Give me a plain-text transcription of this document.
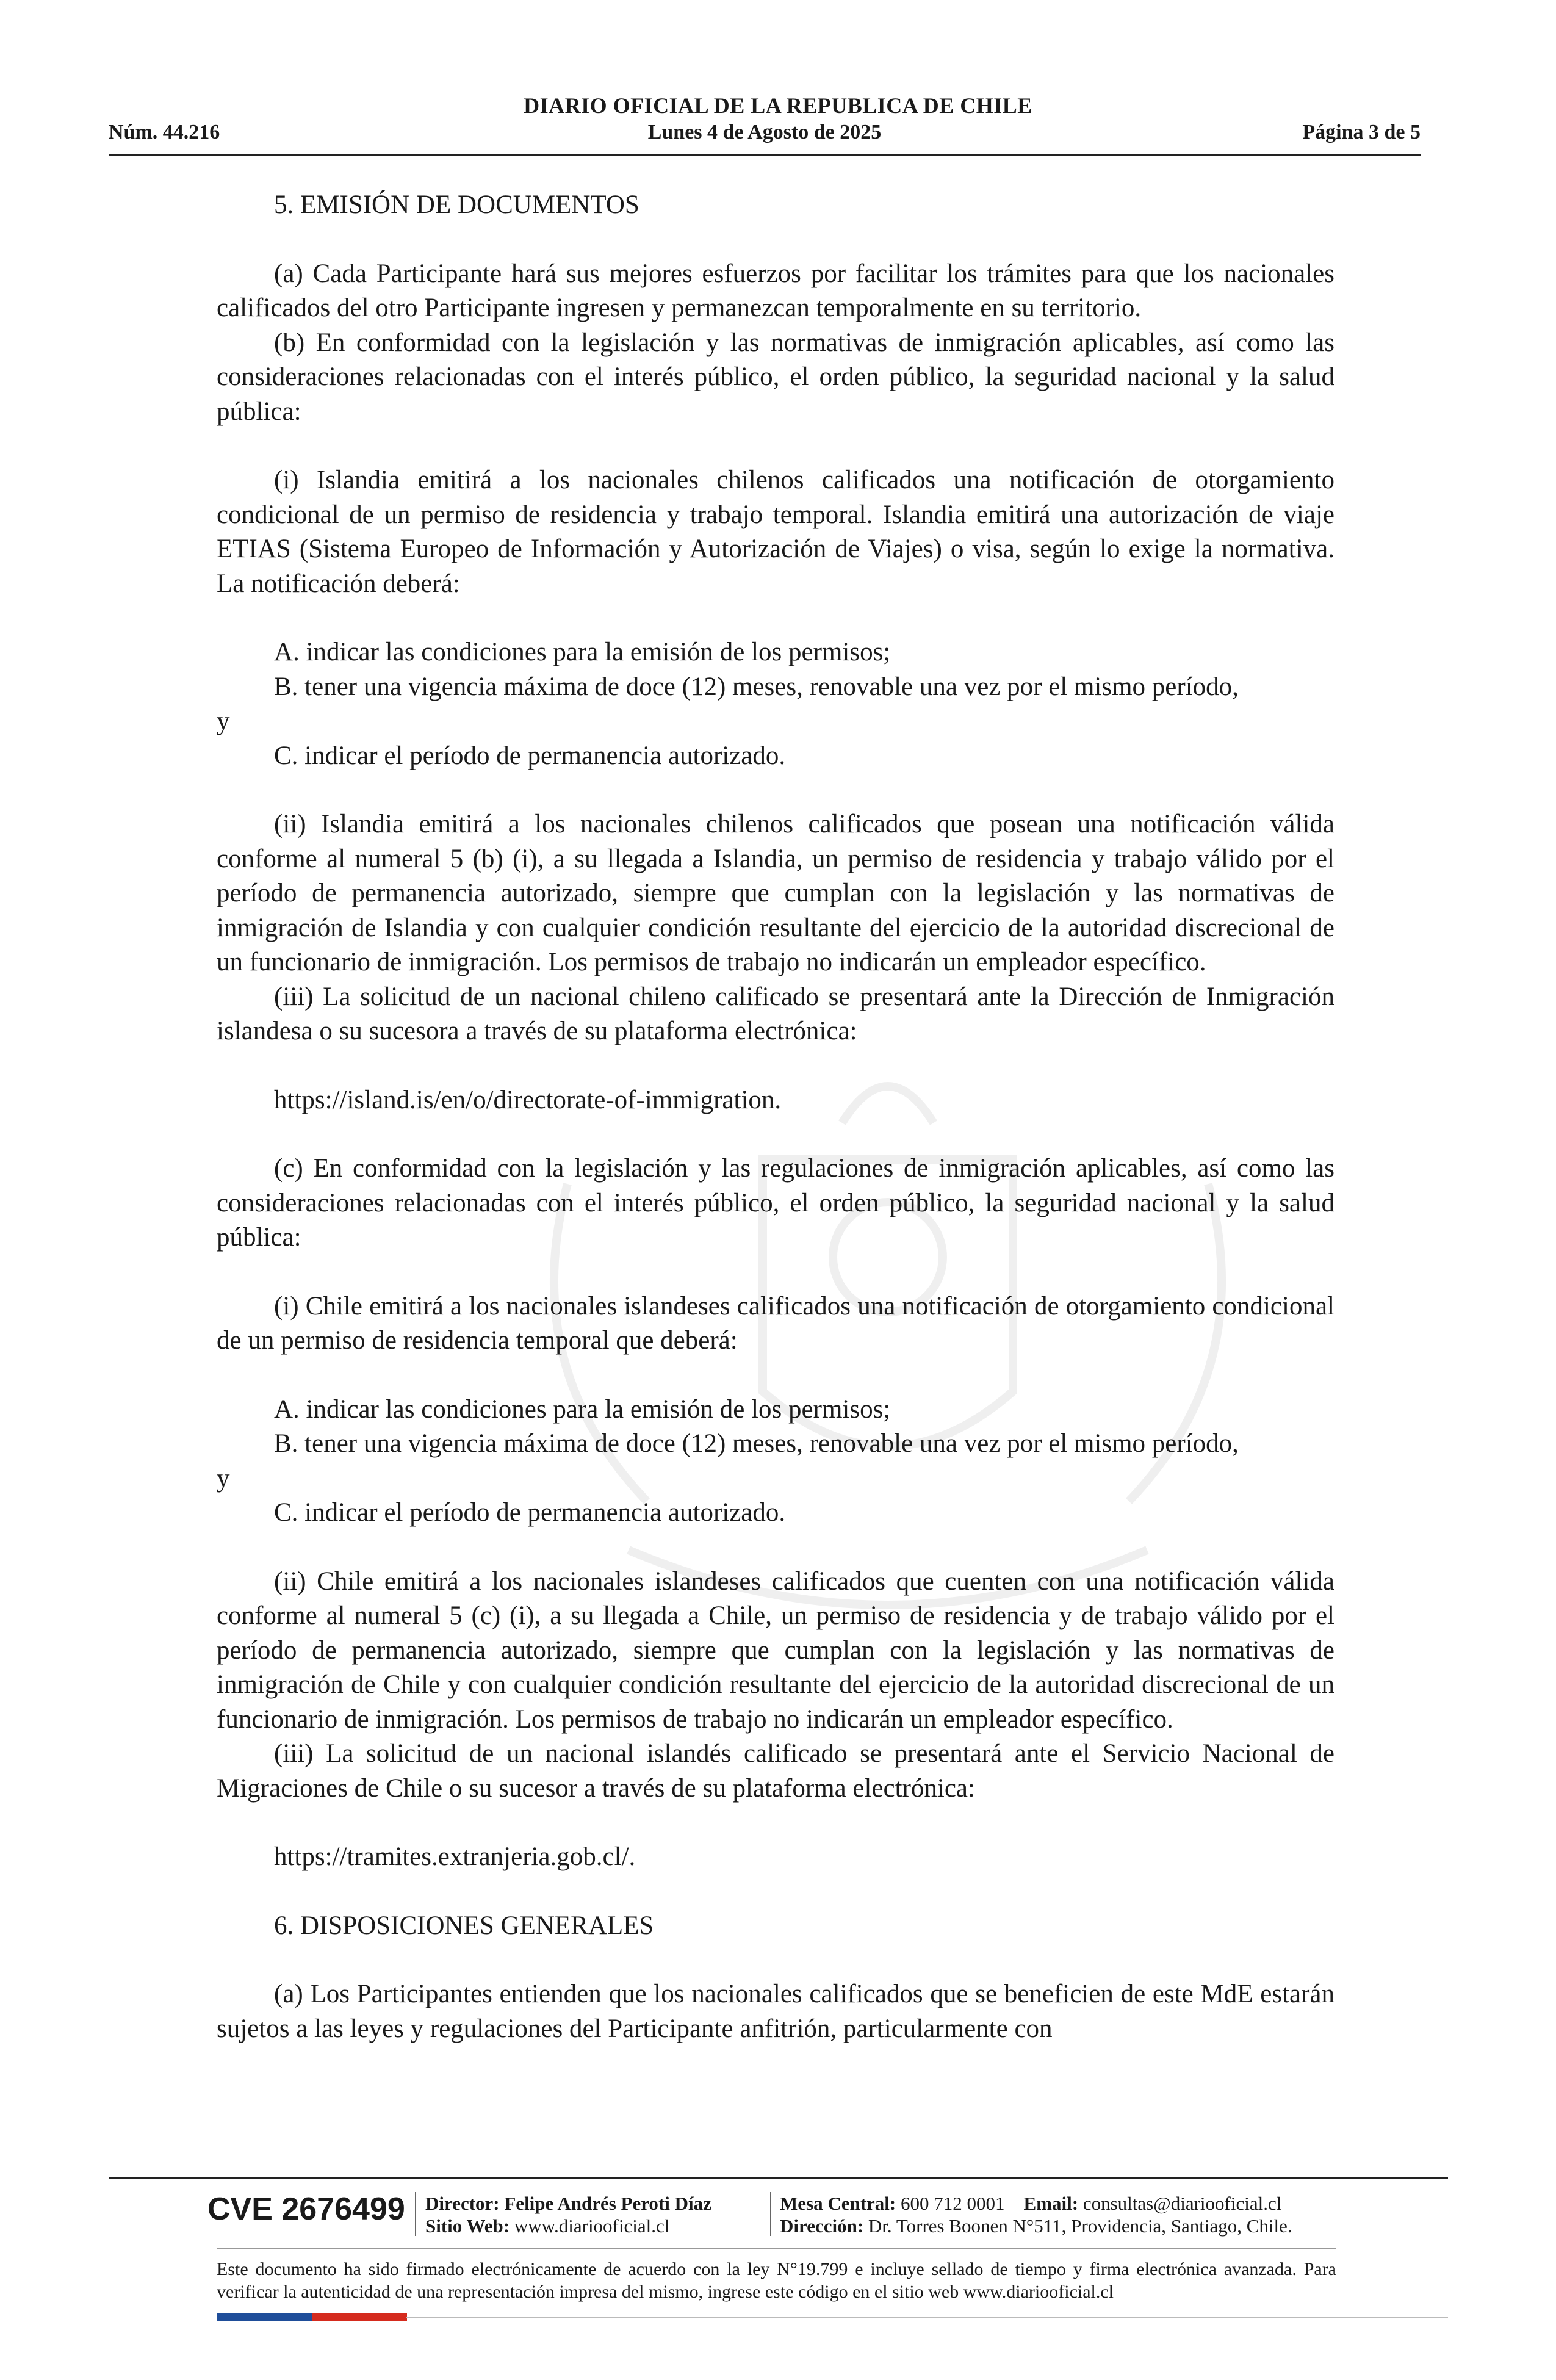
DIARIO OFICIAL DE LA REPUBLICA DE CHILE
Lunes 4 de Agosto de 2025
Núm. 44.216	Página 3 de 5

5. EMISIÓN DE DOCUMENTOS

(a) Cada Participante hará sus mejores esfuerzos por facilitar los trámites para que los nacionales calificados del otro Participante ingresen y permanezcan temporalmente en su territorio.

(b) En conformidad con la legislación y las normativas de inmigración aplicables, así como las consideraciones relacionadas con el interés público, el orden público, la seguridad nacional y la salud pública:

(i) Islandia emitirá a los nacionales chilenos calificados una notificación de otorgamiento condicional de un permiso de residencia y trabajo temporal. Islandia emitirá una autorización de viaje ETIAS (Sistema Europeo de Información y Autorización de Viajes) o visa, según lo exige la normativa. La notificación deberá:

A. indicar las condiciones para la emisión de los permisos;

B. tener una vigencia máxima de doce (12) meses, renovable una vez por el mismo período,

y

C. indicar el período de permanencia autorizado.

(ii) Islandia emitirá a los nacionales chilenos calificados que posean una notificación válida conforme al numeral 5 (b) (i), a su llegada a Islandia, un permiso de residencia y trabajo válido por el período de permanencia autorizado, siempre que cumplan con la legislación y las normativas de inmigración de Islandia y con cualquier condición resultante del ejercicio de la autoridad discrecional de un funcionario de inmigración. Los permisos de trabajo no indicarán un empleador específico.

(iii) La solicitud de un nacional chileno calificado se presentará ante la Dirección de Inmigración islandesa o su sucesora a través de su plataforma electrónica:

https://island.is/en/o/directorate-of-immigration.

(c) En conformidad con la legislación y las regulaciones de inmigración aplicables, así como las consideraciones relacionadas con el interés público, el orden público, la seguridad nacional y la salud pública:

(i) Chile emitirá a los nacionales islandeses calificados una notificación de otorgamiento condicional de un permiso de residencia temporal que deberá:

A. indicar las condiciones para la emisión de los permisos;

B. tener una vigencia máxima de doce (12) meses, renovable una vez por el mismo período,

y

C. indicar el período de permanencia autorizado.

(ii) Chile emitirá a los nacionales islandeses calificados que cuenten con una notificación válida conforme al numeral 5 (c) (i), a su llegada a Chile, un permiso de residencia y de trabajo válido por el período de permanencia autorizado, siempre que cumplan con la legislación y las normativas de inmigración de Chile y con cualquier condición resultante del ejercicio de la autoridad discrecional de un funcionario de inmigración. Los permisos de trabajo no indicarán un empleador específico.

(iii) La solicitud de un nacional islandés calificado se presentará ante el Servicio Nacional de Migraciones de Chile o su sucesor a través de su plataforma electrónica:

https://tramites.extranjeria.gob.cl/.

6. DISPOSICIONES GENERALES

(a) Los Participantes entienden que los nacionales calificados que se beneficien de este MdE estarán sujetos a las leyes y regulaciones del Participante anfitrión, particularmente con

CVE 2676499 Director: Felipe Andrés Peroti Díaz
Sitio Web: www.diariooficial.cl
Mesa Central: 600 712 0001 Email: consultas@diariooficial.cl
Dirección: Dr. Torres Boonen N°511, Providencia, Santiago, Chile.
Este documento ha sido firmado electrónicamente de acuerdo con la ley N°19.799 e incluye sellado de tiempo y firma electrónica avanzada. Para verificar la autenticidad de una representación impresa del mismo, ingrese este código en el sitio web www.diariooficial.cl
